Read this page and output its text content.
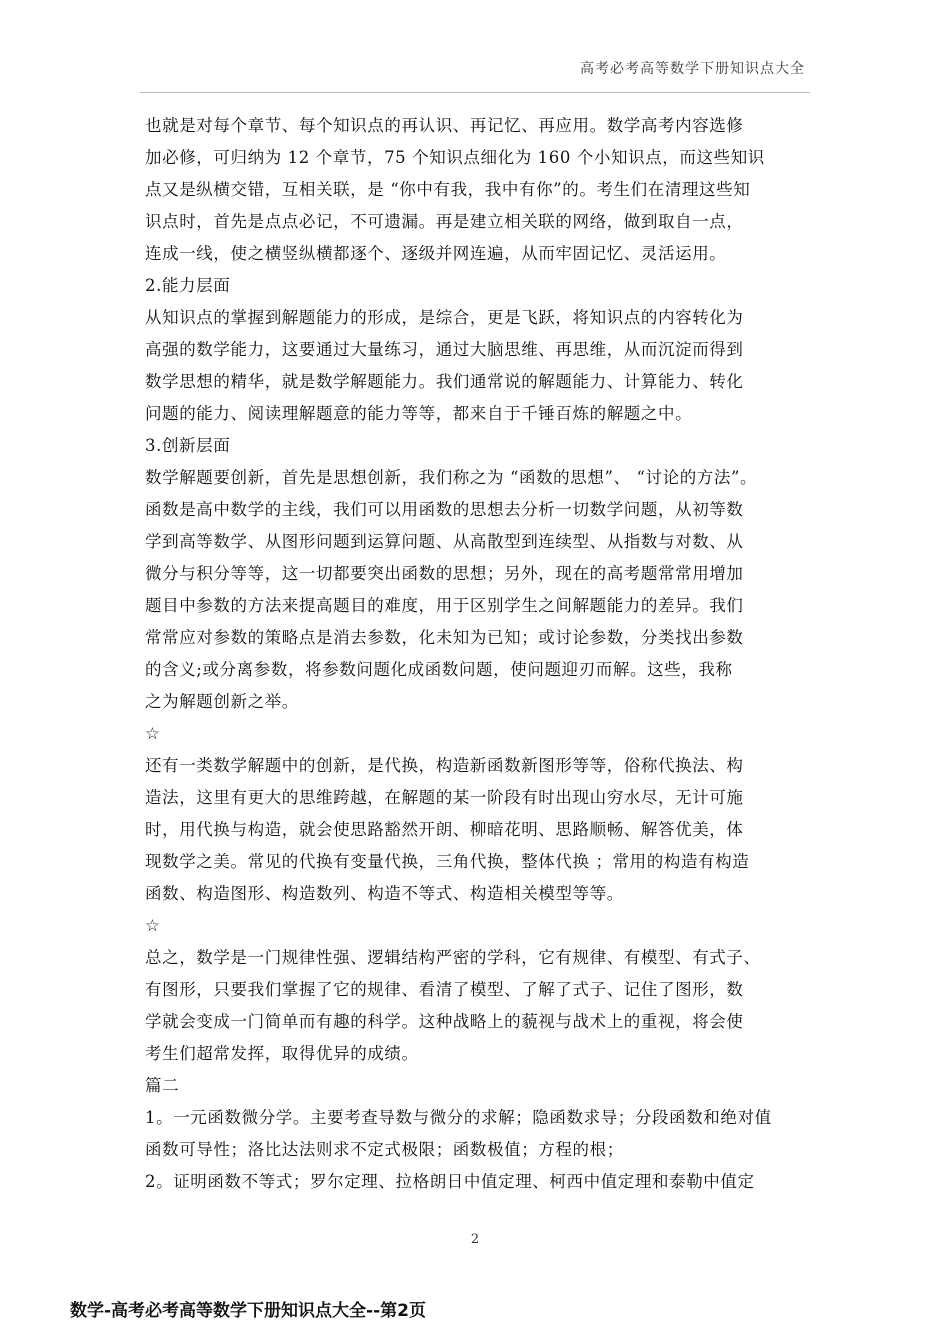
高考必考高等数学下册知识点大全
也就是对每个章节、每个知识点的再认识、再记忆、再应用。数学高考内容选修
加必修，可归纳为 12 个章节，75 个知识点细化为 160 个小知识点，而这些知识
点又是纵横交错，互相关联，是 “你中有我，我中有你”的。考生们在清理这些知
识点时，首先是点点必记，不可遗漏。再是建立相关联的网络，做到取自一点，
连成一线，使之横竖纵横都逐个、逐级并网连遍，从而牢固记忆、灵活运用。
2.能力层面
从知识点的掌握到解题能力的形成，是综合，更是飞跃，将知识点的内容转化为
高强的数学能力，这要通过大量练习，通过大脑思维、再思维，从而沉淀而得到
数学思想的精华，就是数学解题能力。我们通常说的解题能力、计算能力、转化
问题的能力、阅读理解题意的能力等等，都来自于千锤百炼的解题之中。
3.创新层面
数学解题要创新，首先是思想创新，我们称之为 “函数的思想”、 “讨论的方法”。
函数是高中数学的主线，我们可以用函数的思想去分析一切数学问题，从初等数
学到高等数学、从图形问题到运算问题、从高散型到连续型、从指数与对数、从
微分与积分等等，这一切都要突出函数的思想；另外，现在的高考题常常用增加
题目中参数的方法来提高题目的难度，用于区别学生之间解题能力的差异。我们
常常应对参数的策略点是消去参数，化未知为已知；或讨论参数，分类找出参数
的含义;或分离参数，将参数问题化成函数问题，使问题迎刃而解。这些，我称
之为解题创新之举。
☆
还有一类数学解题中的创新，是代换，构造新函数新图形等等，俗称代换法、构
造法，这里有更大的思维跨越，在解题的某一阶段有时出现山穷水尽，无计可施
时，用代换与构造，就会使思路豁然开朗、柳暗花明、思路顺畅、解答优美，体
现数学之美。常见的代换有变量代换，三角代换，整体代换 ；常用的构造有构造
函数、构造图形、构造数列、构造不等式、构造相关模型等等。
☆
总之，数学是一门规律性强、逻辑结构严密的学科，它有规律、有模型、有式子、
有图形，只要我们掌握了它的规律、看清了模型、了解了式子、记住了图形，数
学就会变成一门简单而有趣的科学。这种战略上的藐视与战术上的重视，将会使
考生们超常发挥，取得优异的成绩。
篇二
1。一元函数微分学。主要考查导数与微分的求解；隐函数求导；分段函数和绝对值
函数可导性；洛比达法则求不定式极限；函数极值；方程的根；
2。证明函数不等式；罗尔定理、拉格朗日中值定理、柯西中值定理和泰勒中值定
2
数学-高考必考高等数学下册知识点大全--第2页
